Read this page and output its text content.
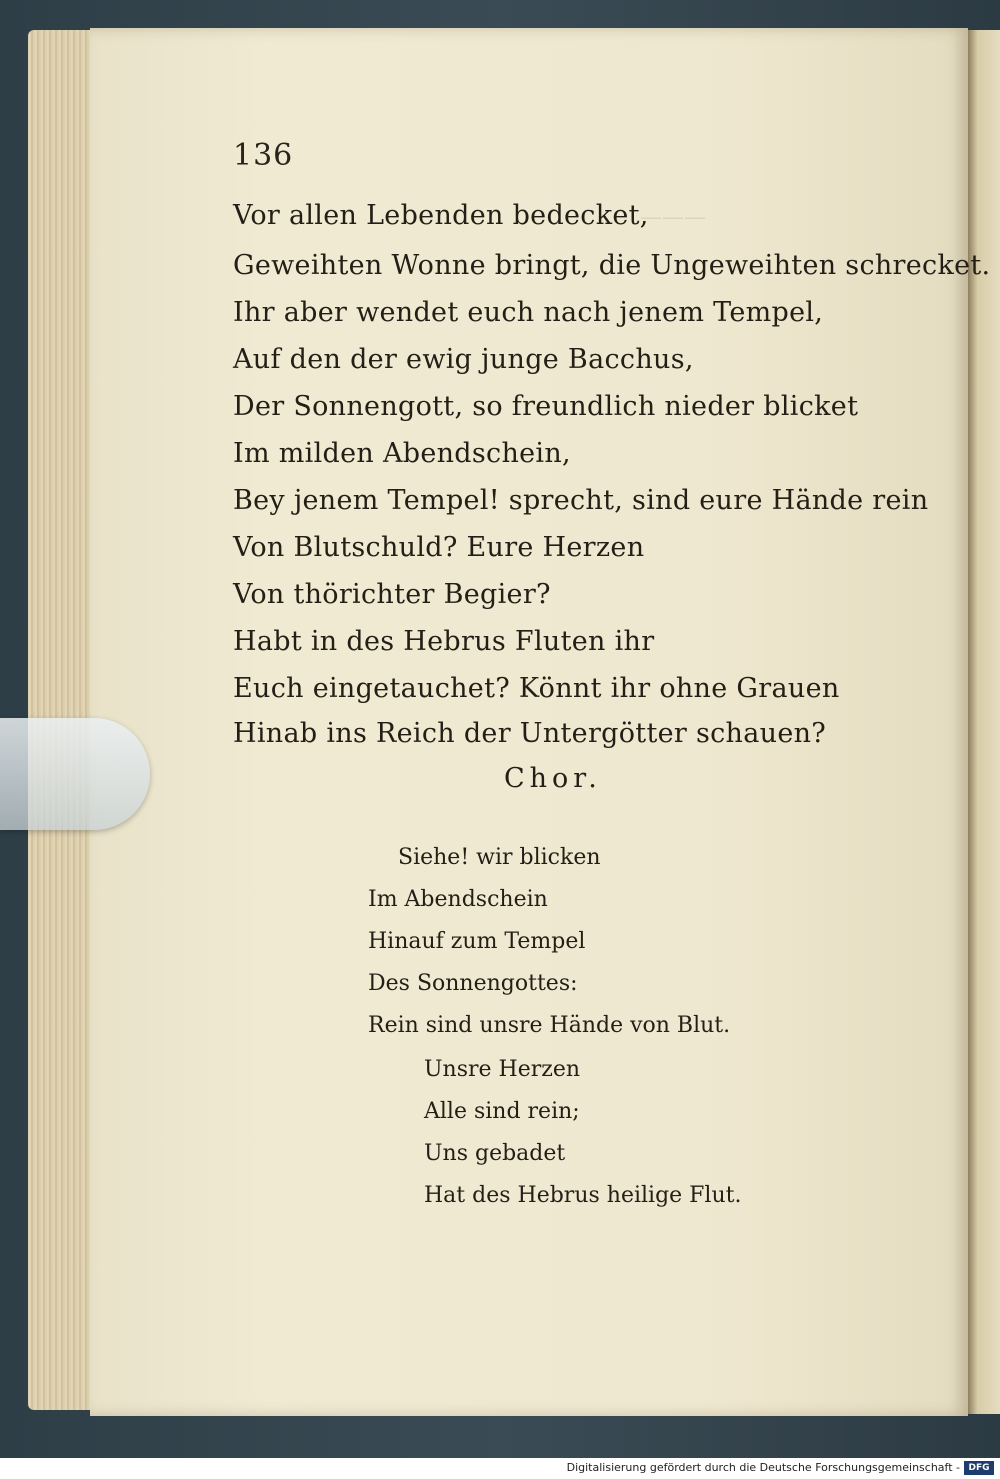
———
136

Vor allen Lebenden bedecket,

Geweihten Wonne bringt, die Ungeweihten schrecket.

Ihr aber wendet euch nach jenem Tempel,

Auf den der ewig junge Bacchus,

Der Sonnengott, so freundlich nieder blicket

Im milden Abendschein,

Bey jenem Tempel! sprecht, sind eure Hände rein

Von Blutschuld? Eure Herzen

Von thörichter Begier?

Habt in des Hebrus Fluten ihr

Euch eingetauchet? Könnt ihr ohne Grauen

Hinab ins Reich der Untergötter schauen?

Chor.

Siehe! wir blicken

Im Abendschein

Hinauf zum Tempel

Des Sonnengottes:

Rein sind unsre Hände von Blut.

Unsre Herzen

Alle sind rein;

Uns gebadet

Hat des Hebrus heilige Flut.

Digitalisierung gefördert durch die Deutsche Forschungsgemeinschaft - DFG
